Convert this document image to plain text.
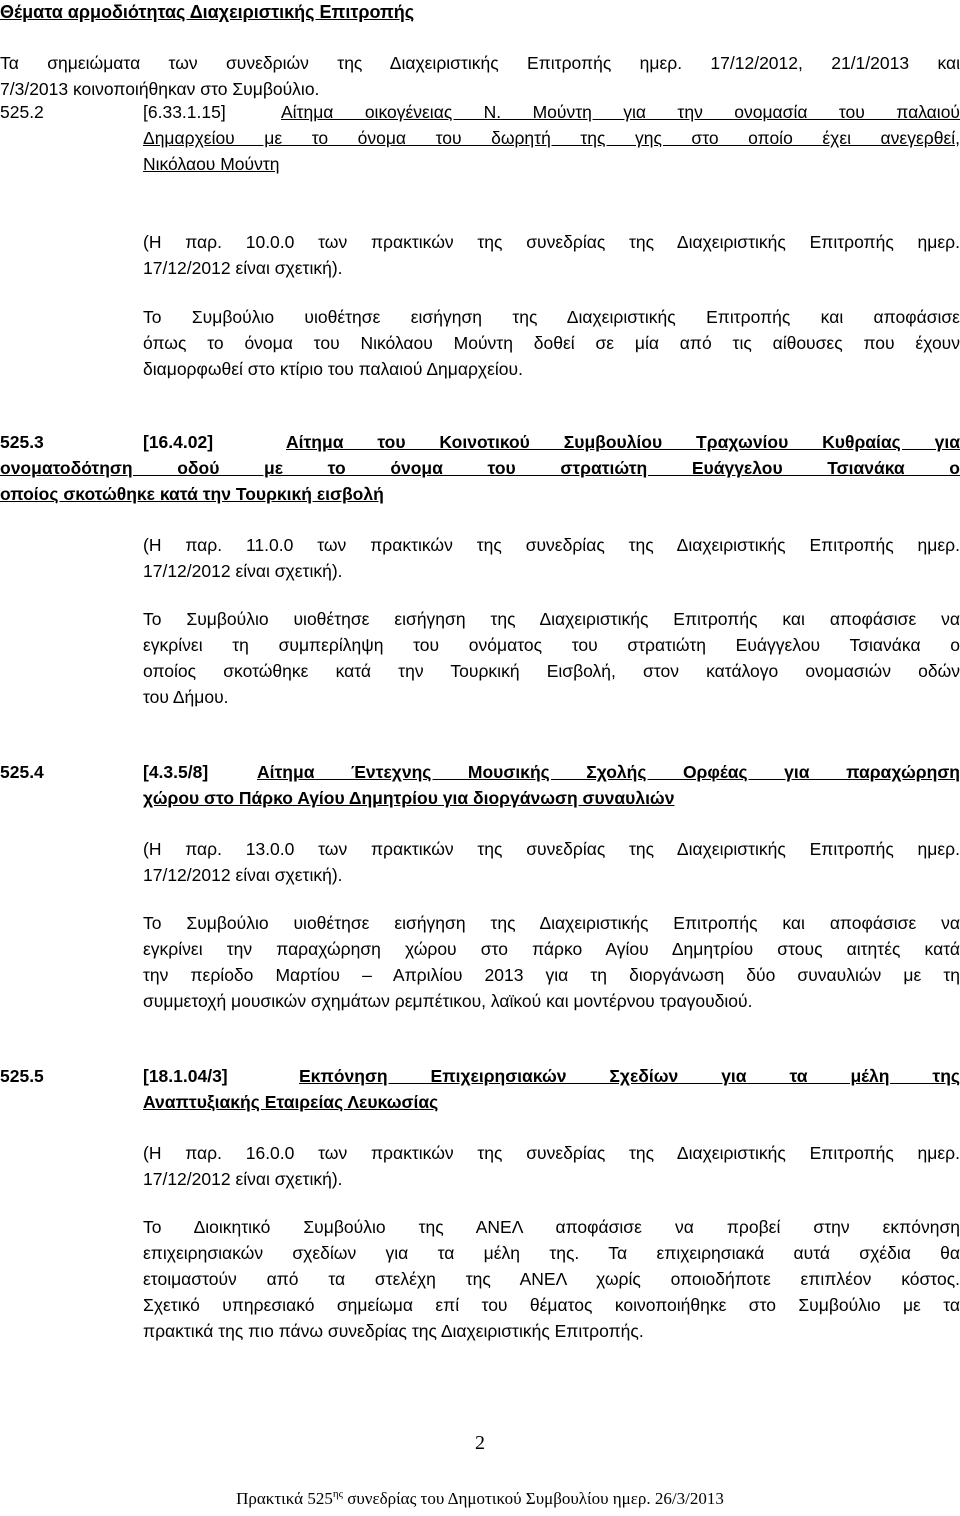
Θέματα αρμοδιότητας Διαχειριστικής Επιτροπής
Τα σημειώματα των συνεδριών της Διαχειριστικής Επιτροπής ημερ. 17/12/2012, 21/1/2013 και
7/3/2013 κοινοποιήθηκαν στο Συμβούλιο.
525.2	[6.33.1.15]	Αίτημα οικογένειας Ν. Μούντη για την ονομασία του παλαιού
Δημαρχείου με το όνομα του δωρητή της γης στο οποίο έχει ανεγερθεί,
Νικόλαου Μούντη
(Η παρ. 10.0.0 των πρακτικών της συνεδρίας της Διαχειριστικής Επιτροπής ημερ.
17/12/2012 είναι σχετική).
Το Συμβούλιο υιοθέτησε εισήγηση της Διαχειριστικής Επιτροπής και αποφάσισε
όπως το όνομα του Νικόλαου Μούντη δοθεί σε μία από τις αίθουσες που έχουν
διαμορφωθεί στο κτίριο του παλαιού Δημαρχείου.
525.3	[16.4.02]	Αίτημα του Κοινοτικού Συμβουλίου Τραχωνίου Κυθραίας για
ονοματοδότηση οδού με το όνομα του στρατιώτη Ευάγγελου Τσιανάκα ο
οποίος σκοτώθηκε κατά την Τουρκική εισβολή
(Η παρ. 11.0.0 των πρακτικών της συνεδρίας της Διαχειριστικής Επιτροπής ημερ.
17/12/2012 είναι σχετική).
Το Συμβούλιο υιοθέτησε εισήγηση της Διαχειριστικής Επιτροπής και αποφάσισε να
εγκρίνει τη συμπερίληψη του ονόματος του στρατιώτη Ευάγγελου Τσιανάκα ο
οποίος σκοτώθηκε κατά την Τουρκική Εισβολή, στον κατάλογο ονομασιών οδών
του Δήμου.
525.4	[4.3.5/8]	Αίτημα Έντεχνης Μουσικής Σχολής Ορφέας για παραχώρηση
χώρου στο Πάρκο Αγίου Δημητρίου για διοργάνωση συναυλιών
(Η παρ. 13.0.0 των πρακτικών της συνεδρίας της Διαχειριστικής Επιτροπής ημερ.
17/12/2012 είναι σχετική).
Το Συμβούλιο υιοθέτησε εισήγηση της Διαχειριστικής Επιτροπής και αποφάσισε να
εγκρίνει την παραχώρηση χώρου στο πάρκο Αγίου Δημητρίου στους αιτητές κατά
την περίοδο Μαρτίου – Απριλίου 2013 για τη διοργάνωση δύο συναυλιών με τη
συμμετοχή μουσικών σχημάτων ρεμπέτικου, λαϊκού και μοντέρνου τραγουδιού.
525.5	[18.1.04/3]	Εκπόνηση Επιχειρησιακών Σχεδίων για τα μέλη της
Αναπτυξιακής Εταιρείας Λευκωσίας
(Η παρ. 16.0.0 των πρακτικών της συνεδρίας της Διαχειριστικής Επιτροπής ημερ.
17/12/2012 είναι σχετική).
Το Διοικητικό Συμβούλιο της ΑΝΕΛ αποφάσισε να προβεί στην εκπόνηση
επιχειρησιακών σχεδίων για τα μέλη της. Τα επιχειρησιακά αυτά σχέδια θα
ετοιμαστούν από τα στελέχη της ΑΝΕΛ χωρίς οποιοδήποτε επιπλέον κόστος.
Σχετικό υπηρεσιακό σημείωμα επί του θέματος κοινοποιήθηκε στο Συμβούλιο με τα
πρακτικά της πιο πάνω συνεδρίας της Διαχειριστικής Επιτροπής.
2
Πρακτικά $525^{\eta\varsigma}$ συνεδρίας του Δημοτικού Συμβουλίου ημερ. 26/3/2013
